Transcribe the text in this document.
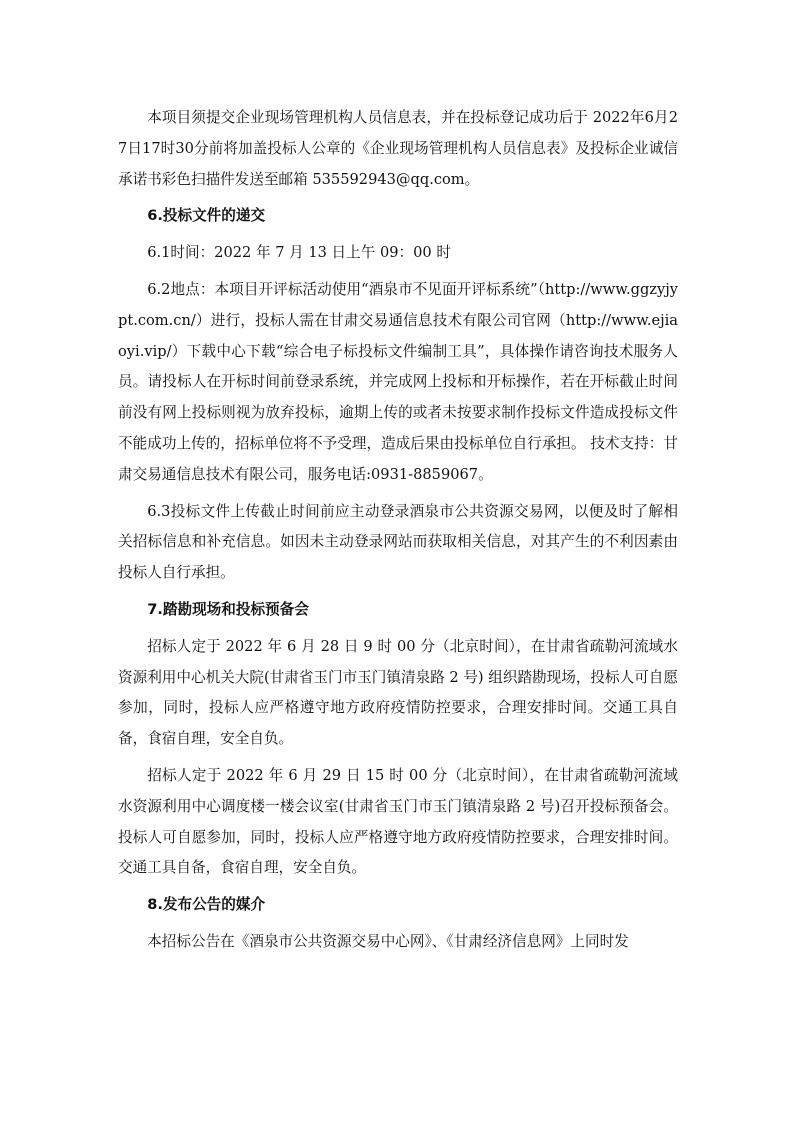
本项目须提交企业现场管理机构人员信息表，并在投标登记成功后于 2022年6月27日17时30分前将加盖投标人公章的《企业现场管理机构人员信息表》及投标企业诚信承诺书彩色扫描件发送至邮箱 535592943@qq.com。

6.投标文件的递交

6.1时间：2022 年 7 月 13 日上午 09：00 时

6.2地点：本项目开评标活动使用“酒泉市不见面开评标系统”（http://www.ggzyjypt.com.cn/）进行，投标人需在甘肃交易通信息技术有限公司官网（http://www.ejiaoyi.vip/）下载中心下载“综合电子标投标文件编制工具”，具体操作请咨询技术服务人员。请投标人在开标时间前登录系统，并完成网上投标和开标操作，若在开标截止时间前没有网上投标则视为放弃投标，逾期上传的或者未按要求制作投标文件造成投标文件不能成功上传的，招标单位将不予受理，造成后果由投标单位自行承担。 技术支持：甘肃交易通信息技术有限公司，服务电话:0931-8859067。

6.3投标文件上传截止时间前应主动登录酒泉市公共资源交易网，以便及时了解相关招标信息和补充信息。如因未主动登录网站而获取相关信息，对其产生的不利因素由投标人自行承担。

7.踏勘现场和投标预备会

招标人定于 2022 年 6 月 28 日 9 时 00 分（北京时间），在甘肃省疏勒河流域水资源利用中心机关大院(甘肃省玉门市玉门镇清泉路 2 号) 组织踏勘现场，投标人可自愿参加，同时，投标人应严格遵守地方政府疫情防控要求，合理安排时间。交通工具自备，食宿自理，安全自负。

招标人定于 2022 年 6 月 29 日 15 时 00 分（北京时间），在甘肃省疏勒河流域水资源利用中心调度楼一楼会议室(甘肃省玉门市玉门镇清泉路 2 号)召开投标预备会。投标人可自愿参加，同时，投标人应严格遵守地方政府疫情防控要求，合理安排时间。交通工具自备，食宿自理，安全自负。

8.发布公告的媒介

本招标公告在《酒泉市公共资源交易中心网》、《甘肃经济信息网》上同时发
